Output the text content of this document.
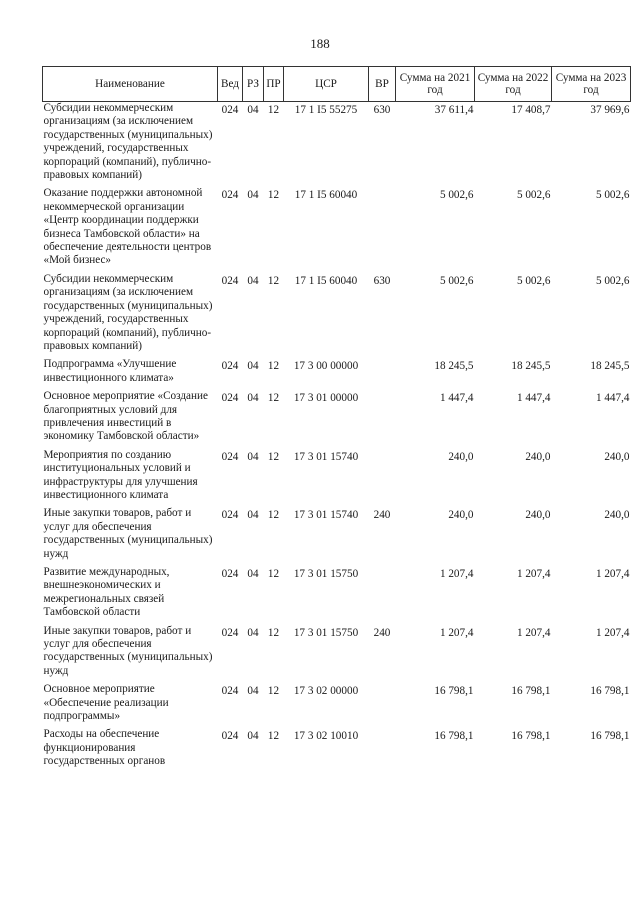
188
Наименование	Вед	РЗ	ПР	ЦСР	ВР	Сумма на 2021 год	Сумма на 2022 год	Сумма на 2023 год
Субсидии некоммерческим организациям (за исключением государственных (муниципальных) учреждений, государственных корпораций (компаний), публично-правовых компаний)	024	04	12	17 1 I5 55275	630	37 611,4	17 408,7	37 969,6
Оказание поддержки автономной некоммерческой организации «Центр координации поддержки бизнеса Тамбовской области» на обеспечение деятельности центров «Мой бизнес»	024	04	12	17 1 I5 60040		5 002,6	5 002,6	5 002,6
Субсидии некоммерческим организациям (за исключением государственных (муниципальных) учреждений, государственных корпораций (компаний), публично-правовых компаний)	024	04	12	17 1 I5 60040	630	5 002,6	5 002,6	5 002,6
Подпрограмма «Улучшение инвестиционного климата»	024	04	12	17 3 00 00000		18 245,5	18 245,5	18 245,5
Основное мероприятие «Создание благоприятных условий для привлечения инвестиций в экономику Тамбовской области»	024	04	12	17 3 01 00000		1 447,4	1 447,4	1 447,4
Мероприятия по созданию институциональных условий и инфраструктуры для улучшения инвестиционного климата	024	04	12	17 3 01 15740		240,0	240,0	240,0
Иные закупки товаров, работ и услуг для обеспечения государственных (муниципальных) нужд	024	04	12	17 3 01 15740	240	240,0	240,0	240,0
Развитие международных, внешнеэкономических и межрегиональных связей Тамбовской области	024	04	12	17 3 01 15750		1 207,4	1 207,4	1 207,4
Иные закупки товаров, работ и услуг для обеспечения государственных (муниципальных) нужд	024	04	12	17 3 01 15750	240	1 207,4	1 207,4	1 207,4
Основное мероприятие «Обеспечение реализации подпрограммы»	024	04	12	17 3 02 00000		16 798,1	16 798,1	16 798,1
Расходы на обеспечение функционирования государственных органов	024	04	12	17 3 02 10010		16 798,1	16 798,1	16 798,1
